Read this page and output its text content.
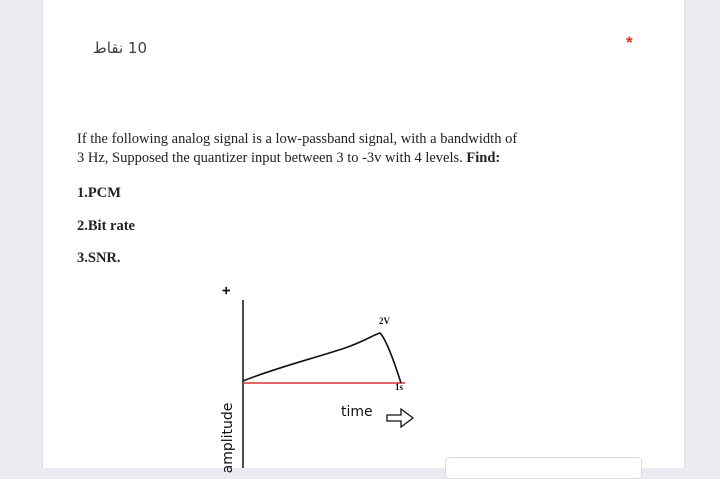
10 نقاط	*
If the following analog signal is a low-passband signal, with a bandwidth of
3 Hz, Supposed the quantizer input between 3 to -3v with 4 levels. Find:
1.PCM
2.Bit rate
3.SNR.
+
amplitude
2V
1s
time
